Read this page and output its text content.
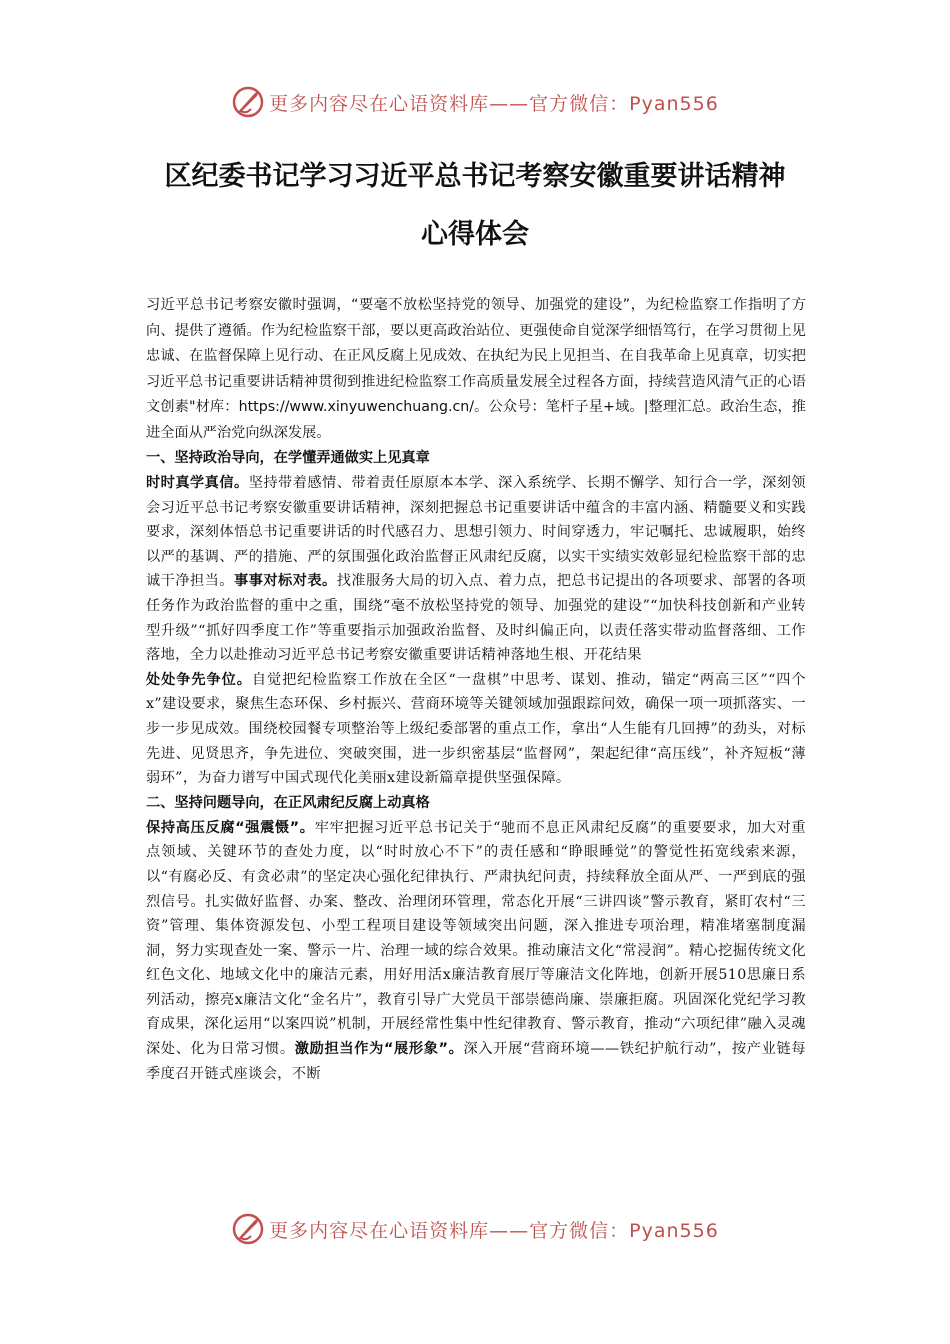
更多内容尽在心语资料库——官方微信：Pyan556
区纪委书记学习习近平总书记考察安徽重要讲话精神
心得体会

习近平总书记考察安徽时强调，“要毫不放松坚持党的领导、加强党的建设”，为纪检监察工作指明了方向、提供了遵循。作为纪检监察干部，要以更高政治站位、更强使命自觉深学细悟笃行，在学习贯彻上见忠诚、在监督保障上见行动、在正风反腐上见成效、在执纪为民上见担当、在自我革命上见真章，切实把习近平总书记重要讲话精神贯彻到推进纪检监察工作高质量发展全过程各方面，持续营造风清气正的心语文创素"材库：https://www.xinyuwenchuang.cn/。公众号：笔杆子星+域。|整理汇总。政治生态，推进全面从严治党向纵深发展。

一、坚持政治导向，在学懂弄通做实上见真章

时时真学真信。坚持带着感情、带着责任原原本本学、深入系统学、长期不懈学、知行合一学，深刻领会习近平总书记考察安徽重要讲话精神，深刻把握总书记重要讲话中蕴含的丰富内涵、精髓要义和实践要求，深刻体悟总书记重要讲话的时代感召力、思想引领力、时间穿透力，牢记嘱托、忠诚履职，始终以严的基调、严的措施、严的氛围强化政治监督正风肃纪反腐，以实干实绩实效彰显纪检监察干部的忠诚干净担当。事事对标对表。找准服务大局的切入点、着力点，把总书记提出的各项要求、部署的各项任务作为政治监督的重中之重，围绕“毫不放松坚持党的领导、加强党的建设”“加快科技创新和产业转型升级”“抓好四季度工作”等重要指示加强政治监督、及时纠偏正向，以责任落实带动监督落细、工作落地，全力以赴推动习近平总书记考察安徽重要讲话精神落地生根、开花结果
处处争先争位。自觉把纪检监察工作放在全区“一盘棋”中思考、谋划、推动，锚定“两高三区”“四个x”建设要求，聚焦生态环保、乡村振兴、营商环境等关键领域加强跟踪问效，确保一项一项抓落实、一步一步见成效。围绕校园餐专项整治等上级纪委部署的重点工作，拿出“人生能有几回搏”的劲头，对标先进、见贤思齐，争先进位、突破突围，进一步织密基层“监督网”，架起纪律“高压线”，补齐短板“薄弱环”，为奋力谱写中国式现代化美丽x建设新篇章提供坚强保障。

二、坚持问题导向，在正风肃纪反腐上动真格

保持高压反腐“强震慑”。牢牢把握习近平总书记关于“驰而不息正风肃纪反腐”的重要要求，加大对重点领域、关键环节的查处力度，以“时时放心不下”的责任感和“睁眼睡觉”的警觉性拓宽线索来源，以“有腐必反、有贪必肃”的坚定决心强化纪律执行、严肃执纪问责，持续释放全面从严、一严到底的强烈信号。扎实做好监督、办案、整改、治理闭环管理，常态化开展“三讲四谈”警示教育，紧盯农村“三资”管理、集体资源发包、小型工程项目建设等领域突出问题，深入推进专项治理，精准堵塞制度漏洞，努力实现查处一案、警示一片、治理一域的综合效果。推动廉洁文化“常浸润”。精心挖掘传统文化红色文化、地域文化中的廉洁元素，用好用活x廉洁教育展厅等廉洁文化阵地，创新开展510思廉日系列活动，擦亮x廉洁文化“金名片”，教育引导广大党员干部崇德尚廉、崇廉拒腐。巩固深化党纪学习教育成果，深化运用“以案四说”机制，开展经常性集中性纪律教育、警示教育，推动“六项纪律”融入灵魂深处、化为日常习惯。激励担当作为“展形象”。深入开展“营商环境——铁纪护航行动”，按产业链每季度召开链式座谈会，不断

更多内容尽在心语资料库——官方微信：Pyan556
